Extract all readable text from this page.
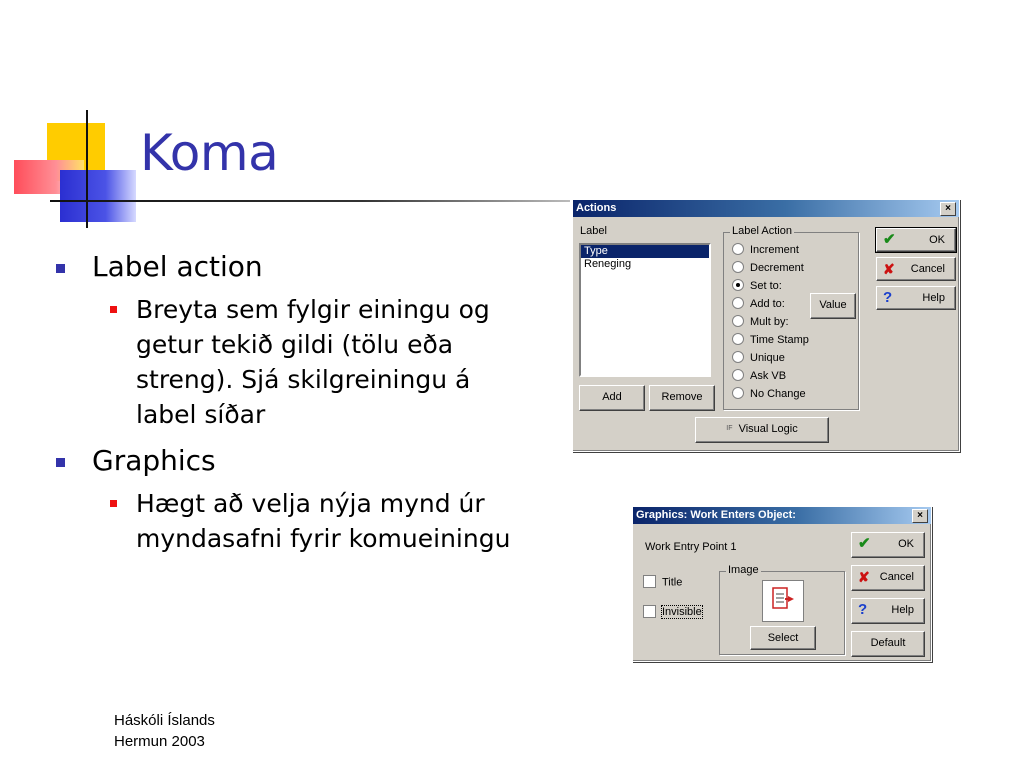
Koma
Label action
Breyta sem fylgir einingu og getur tekið gildi (tölu eða streng). Sjá skilgreiningu á label síðar
Graphics
Hægt að velja nýja mynd úr myndasafni fyrir komueiningu
Háskóli Íslands
Hermun 2003
Actions	×
Label
Type
Reneging
Add	Remove
Label Action
Increment
Decrement
Set to:
Add to:
Mult by:
Time Stamp
Unique
Ask VB
No Change
Value
✔	OK
✘ Cancel
?	Help
$^{IF}$ Visual Logic
Graphics: Work Enters Object:	×
Work Entry Point 1
Title
Invisible
Image
Select
✔	OK
✘ Cancel
? Help
Default
